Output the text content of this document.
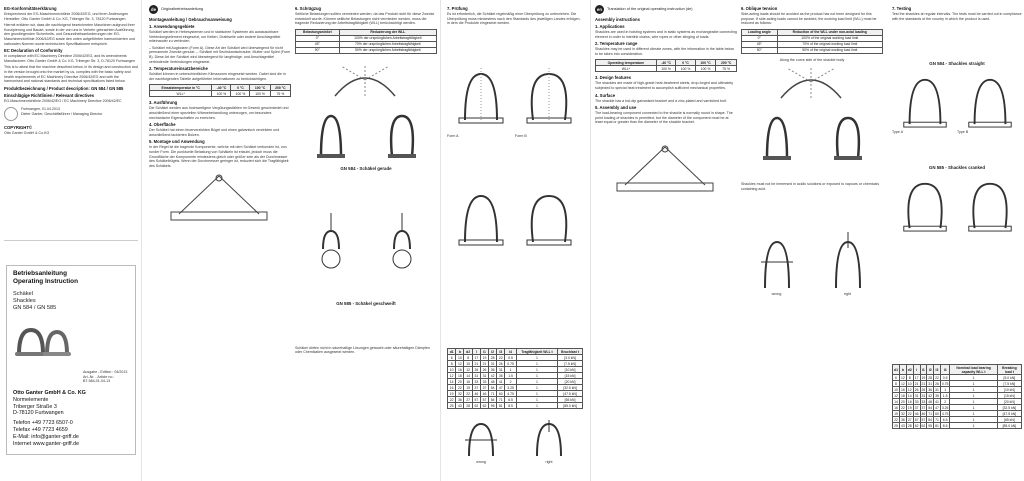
EG-Konformitätserklärung
Entsprechend der EG-Maschinenrichtlinie 2006/42/EG, und ihren Änderungen Hersteller: Otto Ganter GmbH & Co. KG, Triberger Str. 3, 78120 Furtwangen
Hiermit erklären wir, dass die nachfolgend bezeichneten Maschinen aufgrund ihrer Konzipierung und Bauart, sowie in der von uns in Verkehr gebrachten Ausführung, den grundlegenden Sicherheits- und Gesundheitsanforderungen der EG-Maschinenrichtlinie 2006/42/EG sowie den unten aufgeführten harmonisierten und nationalen Normen sowie technischen Spezifikationen entspricht.
EC Declaration of Conformity
In compliance with EC Machinery Directive 2006/42/EG, and its amendments Manufacturer: Otto Ganter GmbH & Co. KG, Triberger Str. 3, D-78120 Furtwangen
This is to attest that the machine described below, in its design and construction and in the version brought onto the market by us, complies with the basic safety and health requirements of EC Machinery Directive 2006/42/EG and with the harmonised and national standards and technical specifications listed below.
Produktbezeichnung / Product description: GN 584 / GN 585
Einschlägige Richtlinien / Relevant directives
EG-Maschinenrichtlinie 2006/42/EG / EC Machinery Directive 2006/42/EC
Furtwangen, 01.04.2013
Dieter Ganter, Geschäftsführer / Managing Director
COPYRIGHT©
Otto Ganter GmbH & Co.KG
Betriebsanleitung
Operating Instruction
Schäkel
Shackles
GN 584 / GN 585
Ausgabe - Edition : 04/2013
Art.-Nr. - Article no.:
BT-584-01-04-13
Otto Ganter GmbH & Co. KG
Normelemente
Triberger Straße 3
D-78120 Furtwangen
Telefon +49 7723 6507-0
Telefax +49 7723 4659
E-Mail: info@ganter-griff.de
Internet www.ganter-griff.de
de	Originalbetriebsanleitung
Montageanleitung / Gebrauchsanweisung
1. Anwendungsgebiete
Schäkel werden in Hebesystemen und in statischen Systemen als austauschbare Verbindungselement eingesetzt, um Ketten, Drahtseile oder andere Anschlagmittel miteinander zu verbinden.
– Schäkel mit Augbolzen (Form A). Diese Art der Schäkel wird überwiegend für nicht permanente Zwecke genutzt. – Schäkel mit Sechskantschraube, Mutter und Splint (Form B). Diese Art der Schäkel wird überwiegend für langfristige, und Anschlagmittel verbindende Verbindungen eingesetzt.
2. Temperatureinsatzbereiche
Schäkel können in unterschiedlichen Klimazonen eingesetzt werden. Dabei sind die in der nachfolgenden Tabelle aufgeführten Informationen zu berücksichtigen.
Einsatztemperatur in °C	-40 °C	0 °C	100 °C	200 °C
WLL*	100 %	100 %	100 %	75 %
3. Ausführung
Die Schäkel werden aus hochwertigem Vergütungsstählen im Gesenk geschmiedet und anschließend einer speziellen Wärmebehandlung unterzogen, um besonders mechanische Eigenschaften zu erreichen.
4. Oberfläche
Der Schäkel hat einen feuerverzinkten Bügel und einen galvanisch verzinkten und anschließend lackierten Bolzen.
5. Montage und Anwendung
In der Regel ist die tragende Komponente, welche mit dem Schäkel verbunden ist, von runder Form. Die punktuelle Belastung von Schäkeln ist erlaubt, jedoch muss die Grundfläche der Komponente mindestens gleich oder größer sein als der Durchmesser des Schäkelbügels. Wenn der Durchmesser geringer ist, reduziert sich die Tragfähigkeit des Schäkels.
6. Schrägzug
Seitliche Belastungen sollten vermieden werden, da das Produkt nicht für diese Zwecke entwickelt wurde. Können seitliche Belastungen nicht vermieden werden, muss die tragende Reduzierung der Arbeitstragfähigkeit (WLL) berücksichtigt werden.
Belastungswinkel	Reduzierung der WLL
0°	100% der ursprünglichen Arbeitstragfähigkeit
45°	70% der ursprünglichen Arbeitstragfähigkeit
90°	50% der ursprünglichen Arbeitstragfähigkeit
GN 584 - Schäkel gerade
GN 585 - Schäkel geschweift
Schäkel dürfen nicht in säurehaltige Lösungen getaucht oder säurehaltigen Dämpfen oder Chemikalien ausgesetzt werden.
7. Prüfung
Es ist erforderlich, die Schäkel regelmäßig einer Überprüfung zu unterziehen. Die Überprüfung muss mindestens nach den Standards des jeweiligen Landes erfolgen, in dem die Produkte eingesetzt werden.
Form A	Form B
d1	b	d2	l	l1	l2	l3	l4	Tragfähigkeit WLL t	Bruchlast t
6	10	8	17	19	28	22	0.5	1	[3.0 kN]
8	12	10	21	21	31	26	0.75	1	[7.5 kN]
10	16	12	26	26	36	31	1	1	[10 kN]
12	18	14	31	31	42	35	1.5	1	[15 kN]
14	20	16	33	33	48	41	2	1	[20 kN]
16	22	19	37	37	54	47	3.25	1	[32.5 kN]
19	32	22	46	46	71	60	4.75	1	[47.5 kN]
22	36	27	57	57	84	71	6.5	1	[65 kN]
25	43	28	62	62	95	81	8.5	1	[85.0 kN]
wrong	right
en	Translation of the original operating instruction (de)
Assembly instructions
1. Applications
Shackles are used in hoisting systems and in static systems as exchangeable connecting element in order to interlink chains, wire ropes or other slinging of loads.
2. Temperature range
Shackles may be used in different climate zones, with the information in the table below to be taken into consideration.
Operating temperature	-40 °C	0 °C	100 °C	200 °C
WLL*	100 %	100 %	100 %	75 %
3. Design features
The shackles are made of high-grade heat-treatment steels, drop-forged and ultimately subjected to special heat treatment to accomplish sufficient mechanical properties.
4. Surface
The shackle has a hot-dip galvanised bracket and a zinc-plated and varnished bolt.
5. Assembly and use
The load-bearing component connected to the shackle is normally round in shape. The point loading of shackles is permitted, but the diameter of the component must be at least equal or greater than the diameter of the shackle bracket.
6. Oblique tension
Side-acting loads should be avoided as the product has not been designed for this purpose. If side-acting loads cannot be avoided, the working load limit (WLL) must be reduced as follows:
Loading angle	Reduction of the WLL under non-axial loading
0°	100% of the original working load limit
45°	70% of the original working load limit
90°	50% of the original working load limit
Along the curve side of the shackle body
Shackles must not be immersed in acidic solutions or exposed to vapours or chemicals containing acid.
wrong	right
7. Testing
Test the shackles at regular intervals. The tests must be carried out in compliance with the standards of the country in which the product is used.
GN 584 - Shackles straight
Type A	Type B
GN 585 - Shackles cranked
d1	b	d2	l	l1	l2	l3	l4	Nominal load bearing capacity WLL t	Breaking load t
6	12	8	17	19	28	22	0.5	1	[5.0 kN]
8	12	10	21	21	31	26	0.75	1	[7.5 kN]
10	16	12	26	26	36	31	1	1	[10 kN]
12	18	14	31	31	42	35	1.5	1	[15 kN]
14	20	16	33	33	48	41	2	1	[20 kN]
16	22	19	37	37	54	47	3.25	1	[32.5 kN]
19	32	22	46	46	71	60	4.75	1	[47.5 kN]
22	36	27	57	57	84	71	6.5	1	[65 kN]
25	43	28	62	62	95	81	8.5	1	[85.0 kN]
